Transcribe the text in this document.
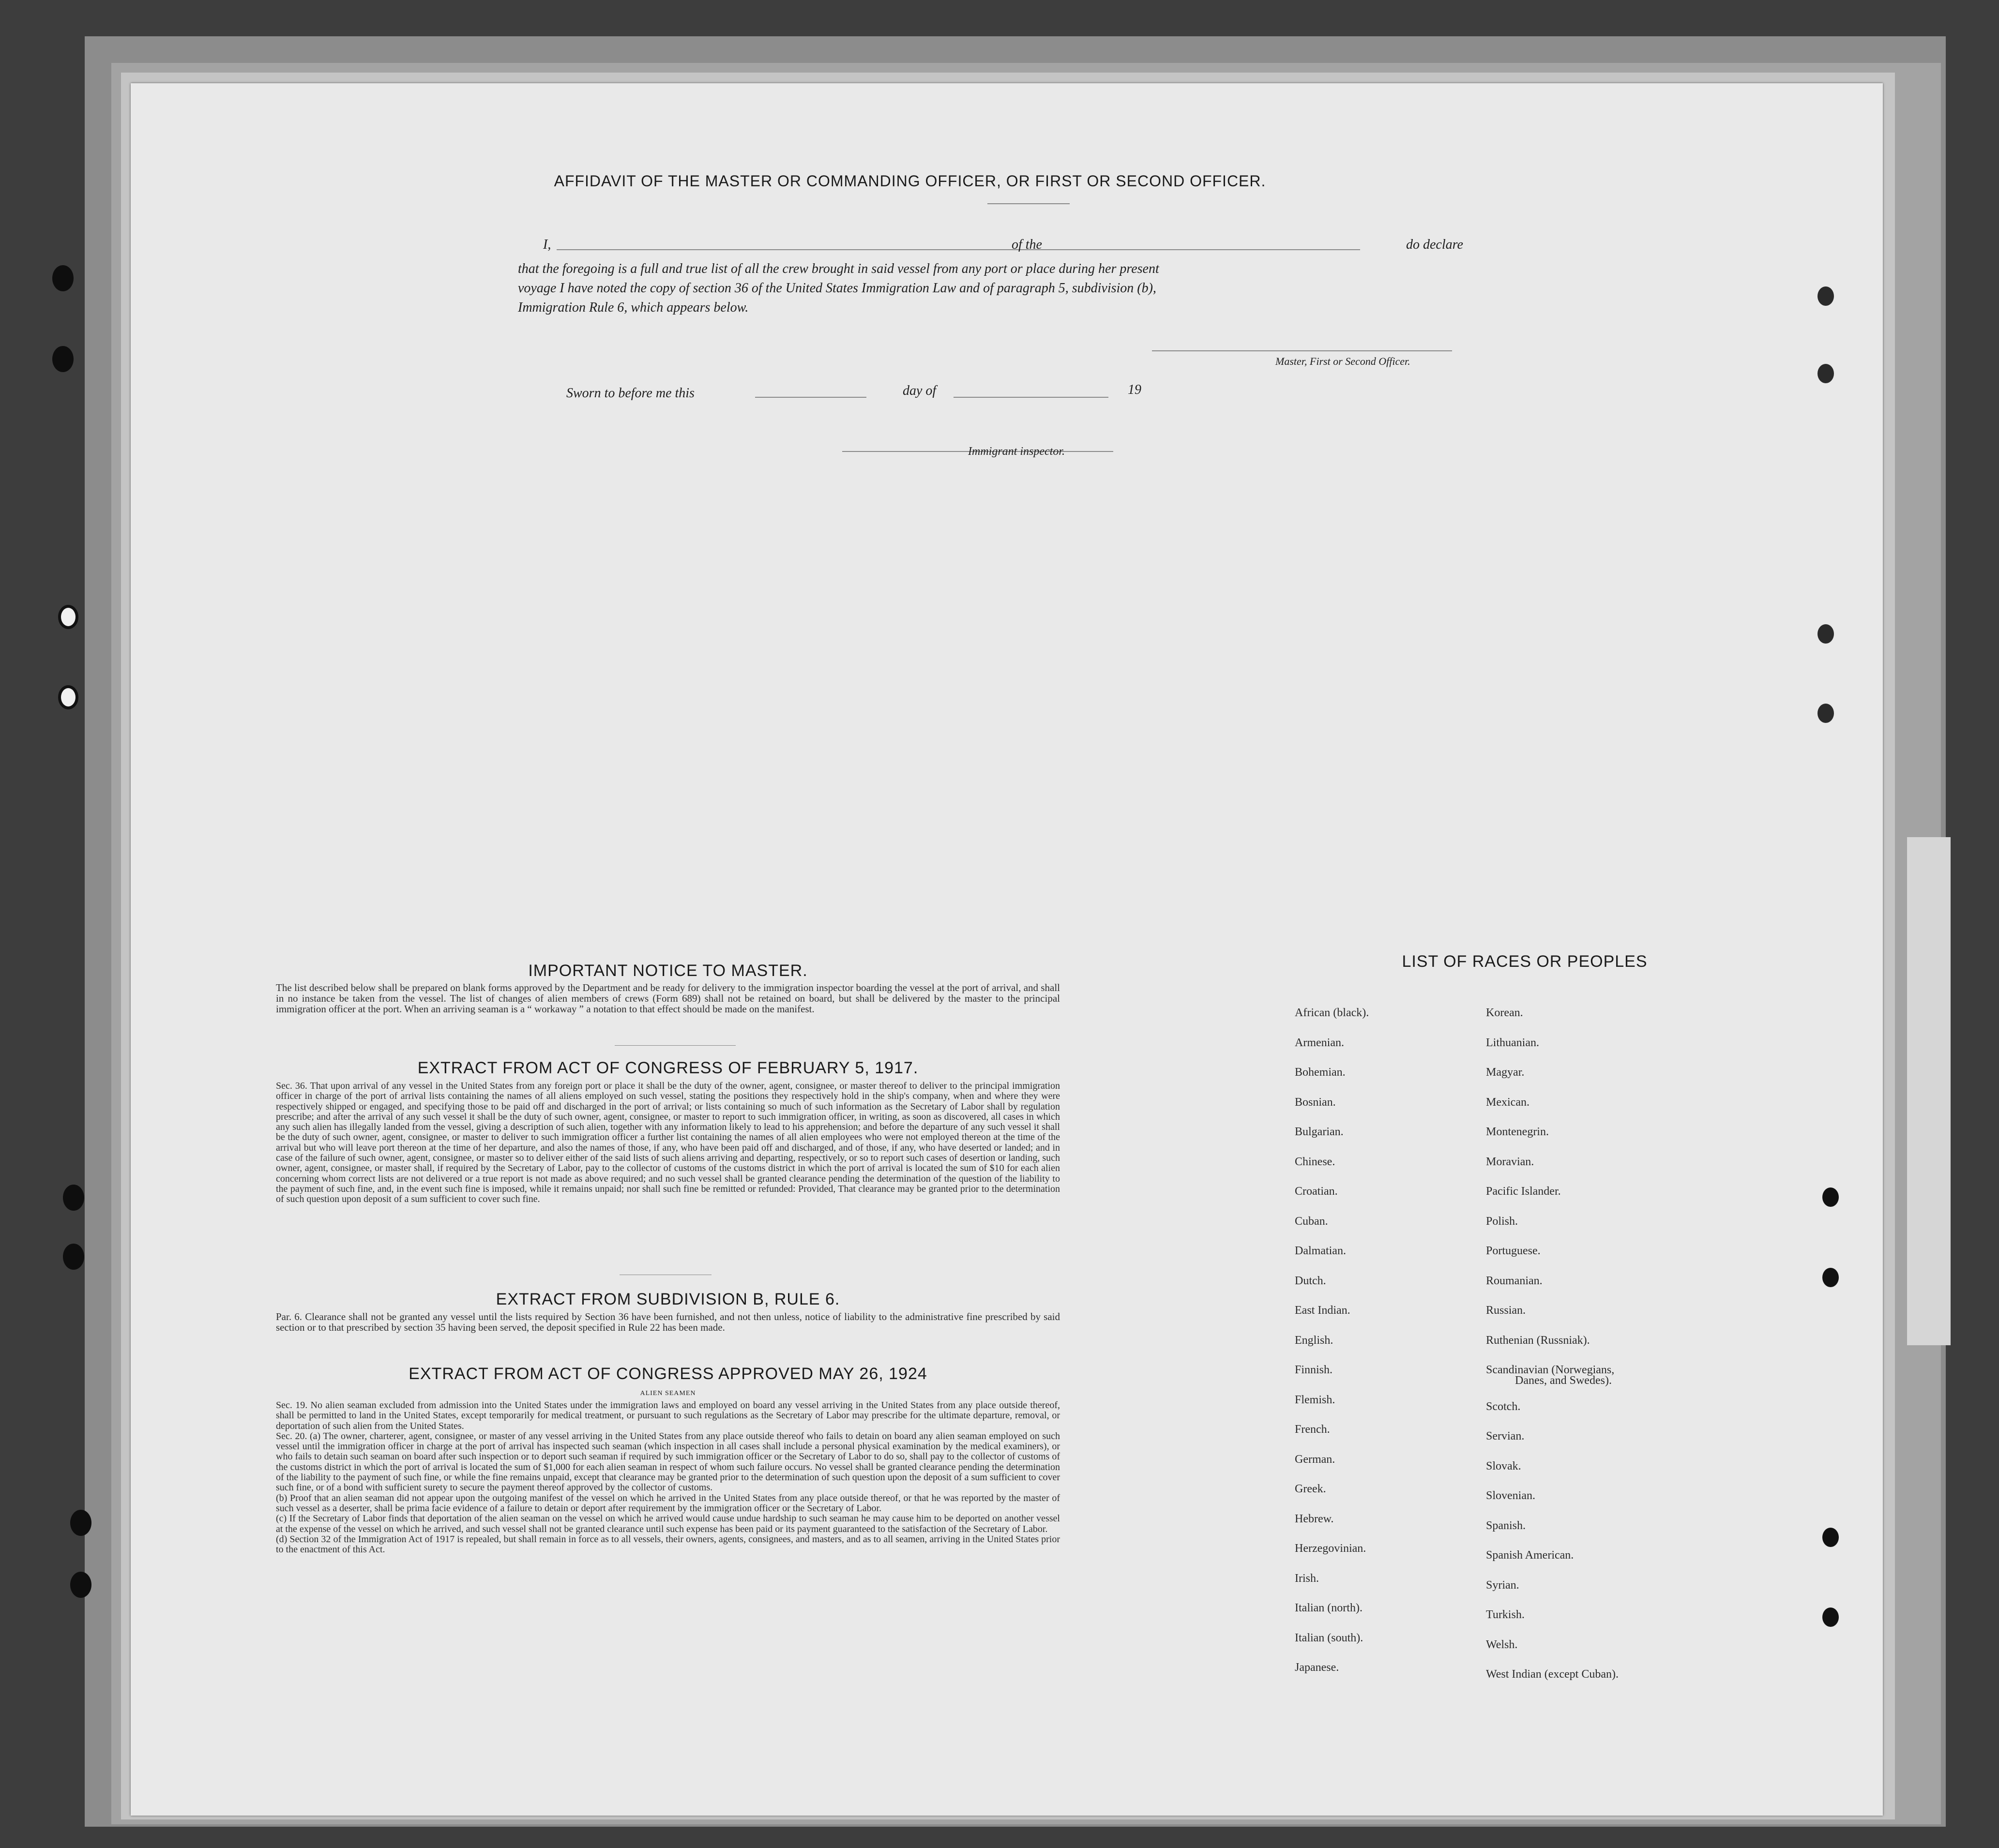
AFFIDAVIT OF THE MASTER OR COMMANDING OFFICER, OR FIRST OR SECOND OFFICER.
I,	of the	do declare
that the foregoing is a full and true list of all the crew brought in said vessel from any port or place during her present
voyage I have noted the copy of section 36 of the United States Immigration Law and of paragraph 5, subdivision (b),
Immigration Rule 6, which appears below.
Master, First or Second Officer.
Sworn to before me this	day of	19
Immigrant inspector.
IMPORTANT NOTICE TO MASTER.
The list described below shall be prepared on blank forms approved by the Department and be ready for delivery to the immigration inspector boarding the vessel at the port of arrival, and shall in no instance be taken from the vessel. The list of changes of alien members of crews (Form 689) shall not be retained on board, but shall be delivered by the master to the principal immigration officer at the port. When an arriving seaman is a “ workaway ” a notation to that effect should be made on the manifest.
EXTRACT FROM ACT OF CONGRESS OF FEBRUARY 5, 1917.
Sec. 36. That upon arrival of any vessel in the United States from any foreign port or place it shall be the duty of the owner, agent, consignee, or master thereof to deliver to the principal immigration officer in charge of the port of arrival lists containing the names of all aliens employed on such vessel, stating the positions they respectively hold in the ship's company, when and where they were respectively shipped or engaged, and specifying those to be paid off and discharged in the port of arrival; or lists containing so much of such information as the Secretary of Labor shall by regulation prescribe; and after the arrival of any such vessel it shall be the duty of such owner, agent, consignee, or master to report to such immigration officer, in writing, as soon as discovered, all cases in which any such alien has illegally landed from the vessel, giving a description of such alien, together with any information likely to lead to his apprehension; and before the departure of any such vessel it shall be the duty of such owner, agent, consignee, or master to deliver to such immigration officer a further list containing the names of all alien employees who were not employed thereon at the time of the arrival but who will leave port thereon at the time of her departure, and also the names of those, if any, who have been paid off and discharged, and of those, if any, who have deserted or landed; and in case of the failure of such owner, agent, consignee, or master so to deliver either of the said lists of such aliens arriving and departing, respectively, or so to report such cases of desertion or landing, such owner, agent, consignee, or master shall, if required by the Secretary of Labor, pay to the collector of customs of the customs district in which the port of arrival is located the sum of $10 for each alien concerning whom correct lists are not delivered or a true report is not made as above required; and no such vessel shall be granted clearance pending the determination of the question of the liability to the payment of such fine, and, in the event such fine is imposed, while it remains unpaid; nor shall such fine be remitted or refunded: Provided, That clearance may be granted prior to the determination of such question upon deposit of a sum sufficient to cover such fine.
EXTRACT FROM SUBDIVISION B, RULE 6.
Par. 6. Clearance shall not be granted any vessel until the lists required by Section 36 have been furnished, and not then unless, notice of liability to the administrative fine prescribed by said section or to that prescribed by section 35 having been served, the deposit specified in Rule 22 has been made.
EXTRACT FROM ACT OF CONGRESS APPROVED MAY 26, 1924
ALIEN SEAMEN
Sec. 19. No alien seaman excluded from admission into the United States under the immigration laws and employed on board any vessel arriving in the United States from any place outside thereof, shall be permitted to land in the United States, except temporarily for medical treatment, or pursuant to such regulations as the Secretary of Labor may prescribe for the ultimate departure, removal, or deportation of such alien from the United States.
Sec. 20. (a) The owner, charterer, agent, consignee, or master of any vessel arriving in the United States from any place outside thereof who fails to detain on board any alien seaman employed on such vessel until the immigration officer in charge at the port of arrival has inspected such seaman (which inspection in all cases shall include a personal physical examination by the medical examiners), or who fails to detain such seaman on board after such inspection or to deport such seaman if required by such immigration officer or the Secretary of Labor to do so, shall pay to the collector of customs of the customs district in which the port of arrival is located the sum of $1,000 for each alien seaman in respect of whom such failure occurs. No vessel shall be granted clearance pending the determination of the liability to the payment of such fine, or while the fine remains unpaid, except that clearance may be granted prior to the determination of such question upon the deposit of a sum sufficient to cover such fine, or of a bond with sufficient surety to secure the payment thereof approved by the collector of customs.
(b) Proof that an alien seaman did not appear upon the outgoing manifest of the vessel on which he arrived in the United States from any place outside thereof, or that he was reported by the master of such vessel as a deserter, shall be prima facie evidence of a failure to detain or deport after requirement by the immigration officer or the Secretary of Labor.
(c) If the Secretary of Labor finds that deportation of the alien seaman on the vessel on which he arrived would cause undue hardship to such seaman he may cause him to be deported on another vessel at the expense of the vessel on which he arrived, and such vessel shall not be granted clearance until such expense has been paid or its payment guaranteed to the satisfaction of the Secretary of Labor.
(d) Section 32 of the Immigration Act of 1917 is repealed, but shall remain in force as to all vessels, their owners, agents, consignees, and masters, and as to all seamen, arriving in the United States prior to the enactment of this Act.
LIST OF RACES OR PEOPLES
Danes, and Swedes).
African (black).
Armenian.
Bohemian.
Bosnian.
Bulgarian.
Chinese.
Croatian.
Cuban.
Dalmatian.
Dutch.
East Indian.
English.
Finnish.
Flemish.
French.
German.
Greek.
Hebrew.
Herzegovinian.
Irish.
Italian (north).
Italian (south).
Japanese.
Korean.
Lithuanian.
Magyar.
Mexican.
Montenegrin.
Moravian.
Pacific Islander.
Polish.
Portuguese.
Roumanian.
Russian.
Ruthenian (Russniak).
Scandinavian (Norwegians,
Scotch.
Servian.
Slovak.
Slovenian.
Spanish.
Spanish American.
Syrian.
Turkish.
Welsh.
West Indian (except Cuban).
